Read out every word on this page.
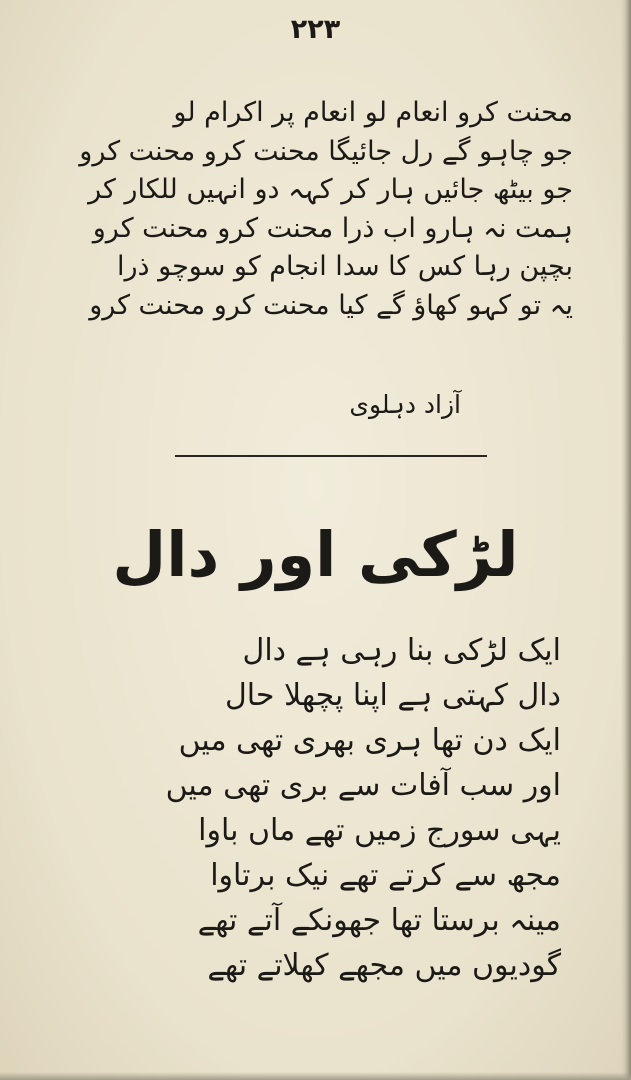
۲۲۳
محنت کرو انعام لو انعام پر اکرام لو
جو چاہو گے رل جائیگا محنت کرو محنت کرو
جو بیٹھ جائیں ہار کر کہہ دو انہیں للکار کر
ہمت نہ ہارو اب ذرا محنت کرو محنت کرو
بچپن رہا کس کا سدا انجام کو سوچو ذرا
یہ تو کہو کھاؤ گے کیا محنت کرو محنت کرو
آزاد دہلوی
لڑکی اور دال
ایک لڑکی بنا رہی ہے دال
دال کہتی ہے اپنا پچھلا حال
ایک دن تھا ہری بھری تھی میں
اور سب آفات سے بری تھی میں
یہی سورج زمیں تھے ماں باوا
مجھ سے کرتے تھے نیک برتاوا
مینہ برستا تھا جھونکے آتے تھے
گودیوں میں مجھے کھلاتے تھے
